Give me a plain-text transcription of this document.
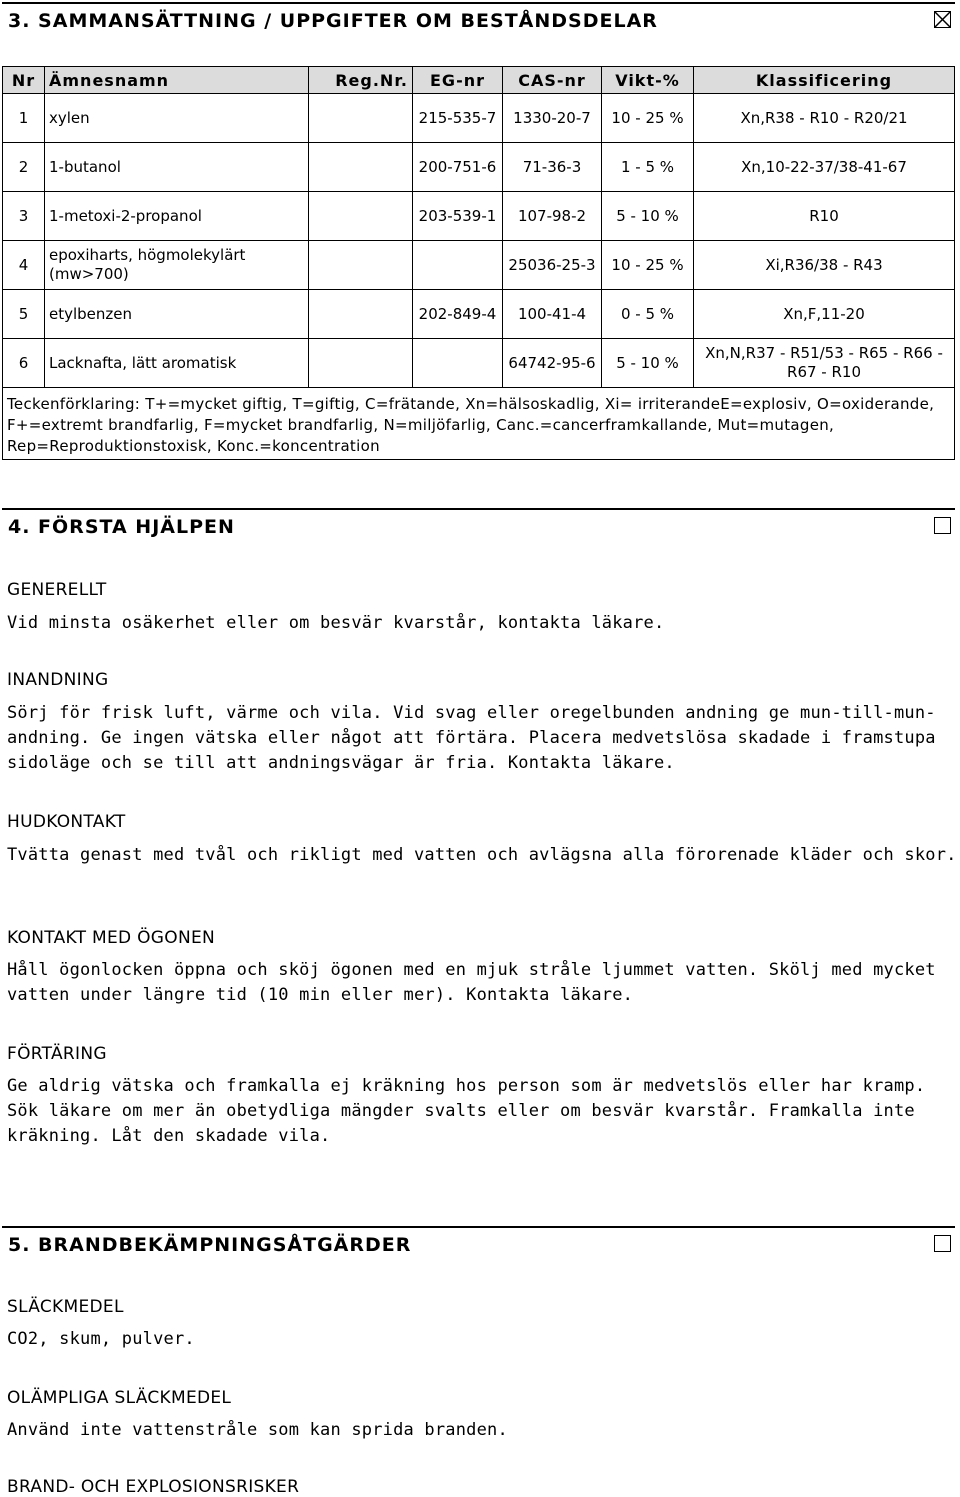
3. SAMMANSÄTTNING / UPPGIFTER OM BESTÅNDSDELAR
Nr	Ämnesnamn	Reg.Nr.	EG-nr	CAS-nr	Vikt-%	Klassificering
1	xylen		215-535-7	1330-20-7	10 - 25 %	Xn,R38 - R10 - R20/21
2	1-butanol		200-751-6	71-36-3	1 - 5 %	Xn,10-22-37/38-41-67
3	1-metoxi-2-propanol		203-539-1	107-98-2	5 - 10 %	R10
4	epoxiharts, högmolekylärt (mw>700)			25036-25-3	10 - 25 %	Xi,R36/38 - R43
5	etylbenzen		202-849-4	100-41-4	0 - 5 %	Xn,F,11-20
6	Lacknafta, lätt aromatisk			64742-95-6	5 - 10 %	Xn,N,R37 - R51/53 - R65 - R66 - R67 - R10
Teckenförklaring: T+=mycket giftig, T=giftig, C=frätande, Xn=hälsoskadlig, Xi= irriterandeE=explosiv, O=oxiderande, F+=extremt brandfarlig, F=mycket brandfarlig, N=miljöfarlig, Canc.=cancerframkallande, Mut=mutagen, Rep=Reproduktionstoxisk, Konc.=koncentration						
4. FÖRSTA HJÄLPEN
GENERELLT
Vid minsta osäkerhet eller om besvär kvarstår, kontakta läkare.
INANDNING
Sörj för frisk luft, värme och vila. Vid svag eller oregelbunden andning ge mun-till-mun-andning. Ge ingen vätska eller något att förtära. Placera medvetslösa skadade i framstupa sidoläge och se till att andningsvägar är fria. Kontakta läkare.
HUDKONTAKT
Tvätta genast med tvål och rikligt med vatten och avlägsna alla förorenade kläder och skor.
KONTAKT MED ÖGONEN
Håll ögonlocken öppna och sköj ögonen med en mjuk stråle ljummet vatten. Skölj med mycket vatten under längre tid (10 min eller mer). Kontakta läkare.
FÖRTÄRING
Ge aldrig vätska och framkalla ej kräkning hos person som är medvetslös eller har kramp. Sök läkare om mer än obetydliga mängder svalts eller om besvär kvarstår. Framkalla inte kräkning. Låt den skadade vila.
5. BRANDBEKÄMPNINGSÅTGÄRDER
SLÄCKMEDEL
CO2, skum, pulver.
OLÄMPLIGA SLÄCKMEDEL
Använd inte vattenstråle som kan sprida branden.
BRAND- OCH EXPLOSIONSRISKER
